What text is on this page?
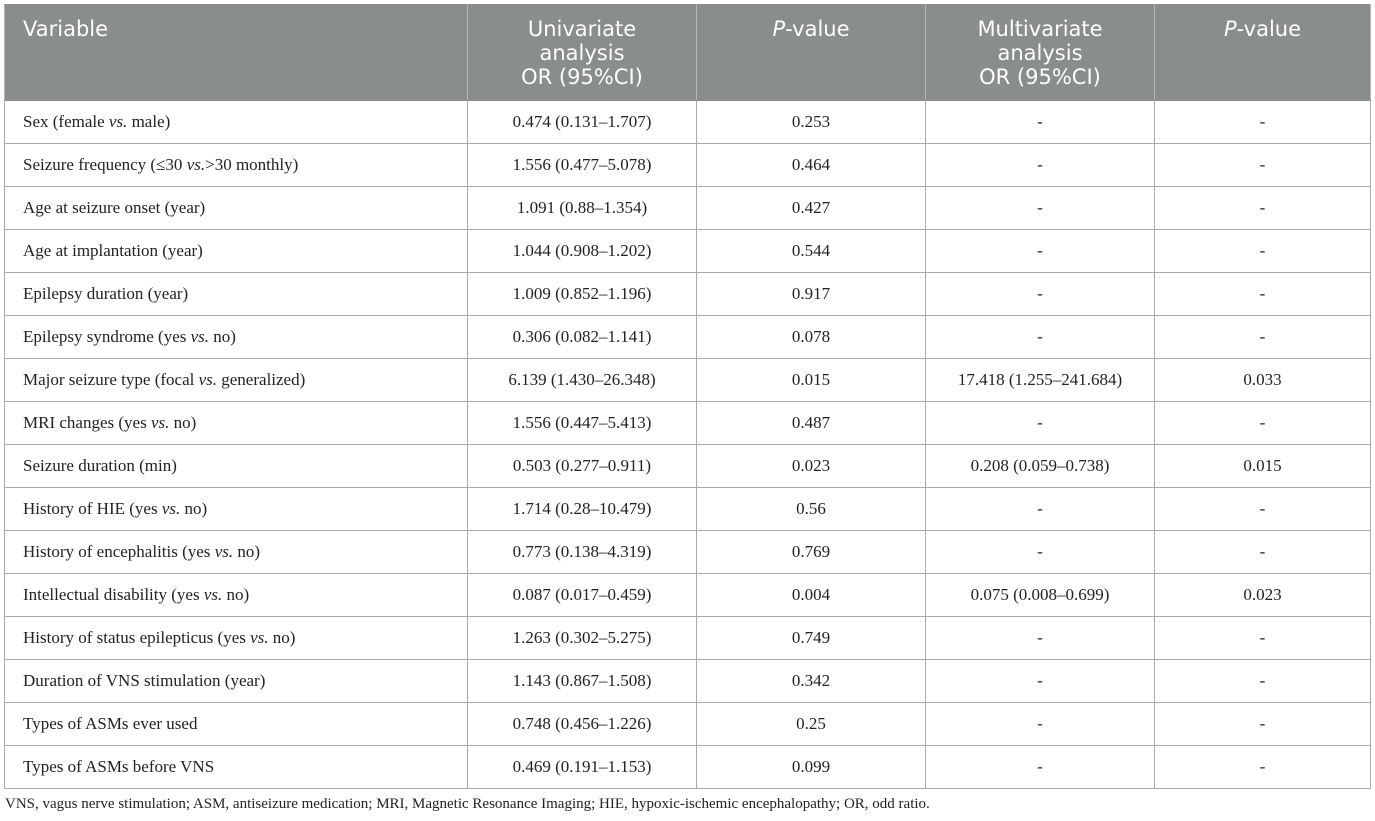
Variable	Univariate
analysis
OR (95%CI)	P-value	Multivariate
analysis
OR (95%CI)	P-value
Sex (female vs. male)	0.474 (0.131–1.707)	0.253	-	-
Seizure frequency (≤30 vs.>30 monthly)	1.556 (0.477–5.078)	0.464	-	-
Age at seizure onset (year)	1.091 (0.88–1.354)	0.427	-	-
Age at implantation (year)	1.044 (0.908–1.202)	0.544	-	-
Epilepsy duration (year)	1.009 (0.852–1.196)	0.917	-	-
Epilepsy syndrome (yes vs. no)	0.306 (0.082–1.141)	0.078	-	-
Major seizure type (focal vs. generalized)	6.139 (1.430–26.348)	0.015	17.418 (1.255–241.684)	0.033
MRI changes (yes vs. no)	1.556 (0.447–5.413)	0.487	-	-
Seizure duration (min)	0.503 (0.277–0.911)	0.023	0.208 (0.059–0.738)	0.015
History of HIE (yes vs. no)	1.714 (0.28–10.479)	0.56	-	-
History of encephalitis (yes vs. no)	0.773 (0.138–4.319)	0.769	-	-
Intellectual disability (yes vs. no)	0.087 (0.017–0.459)	0.004	0.075 (0.008–0.699)	0.023
History of status epilepticus (yes vs. no)	1.263 (0.302–5.275)	0.749	-	-
Duration of VNS stimulation (year)	1.143 (0.867–1.508)	0.342	-	-
Types of ASMs ever used	0.748 (0.456–1.226)	0.25	-	-
Types of ASMs before VNS	0.469 (0.191–1.153)	0.099	-	-
VNS, vagus nerve stimulation; ASM, antiseizure medication; MRI, Magnetic Resonance Imaging; HIE, hypoxic-ischemic encephalopathy; OR, odd ratio.
